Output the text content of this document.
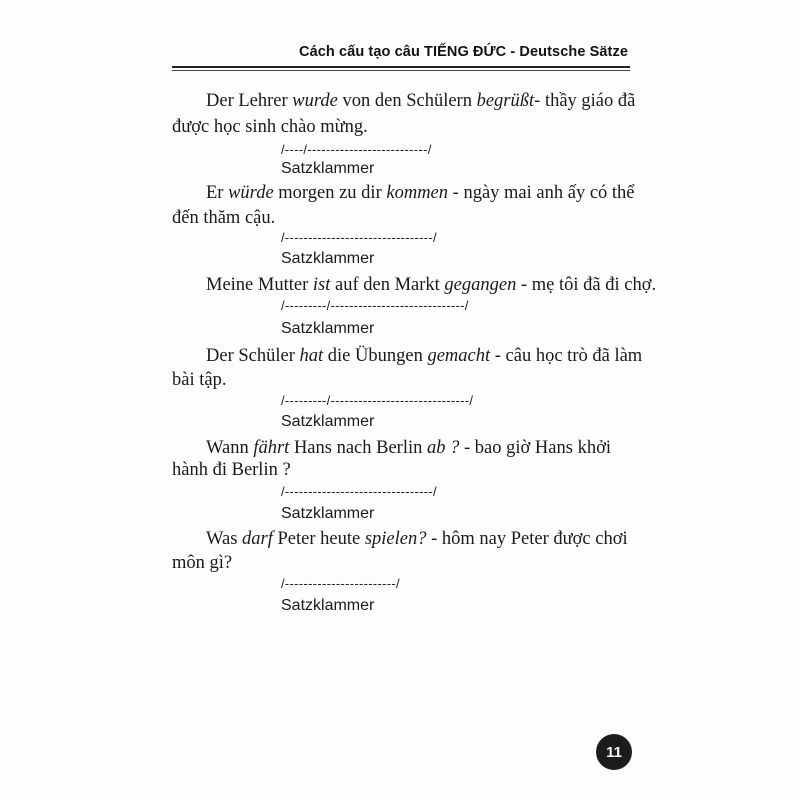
Cách cấu tạo câu TIẾNG ĐỨC - Deutsche Sätze
Der Lehrer wurde von den Schülern begrüßt- thầy giáo đã
được học sinh chào mừng.
/----/--------------------------/
Satzklammer
Er würde morgen zu dir kommen - ngày mai anh ấy có thể
đến thăm cậu.
/--------------------------------/
Satzklammer
Meine Mutter ist auf den Markt gegangen - mẹ tôi đã đi chợ.
/---------/-----------------------------/
Satzklammer
Der Schüler hat die Übungen gemacht - câu học trò đã làm
bài tập.
/---------/------------------------------/
Satzklammer
Wann fährt Hans nach Berlin ab ? - bao giờ Hans khởi
hành đi Berlin ?
/--------------------------------/
Satzklammer
Was darf Peter heute spielen? - hôm nay Peter được chơi
môn gì?
/------------------------/
Satzklammer
11
